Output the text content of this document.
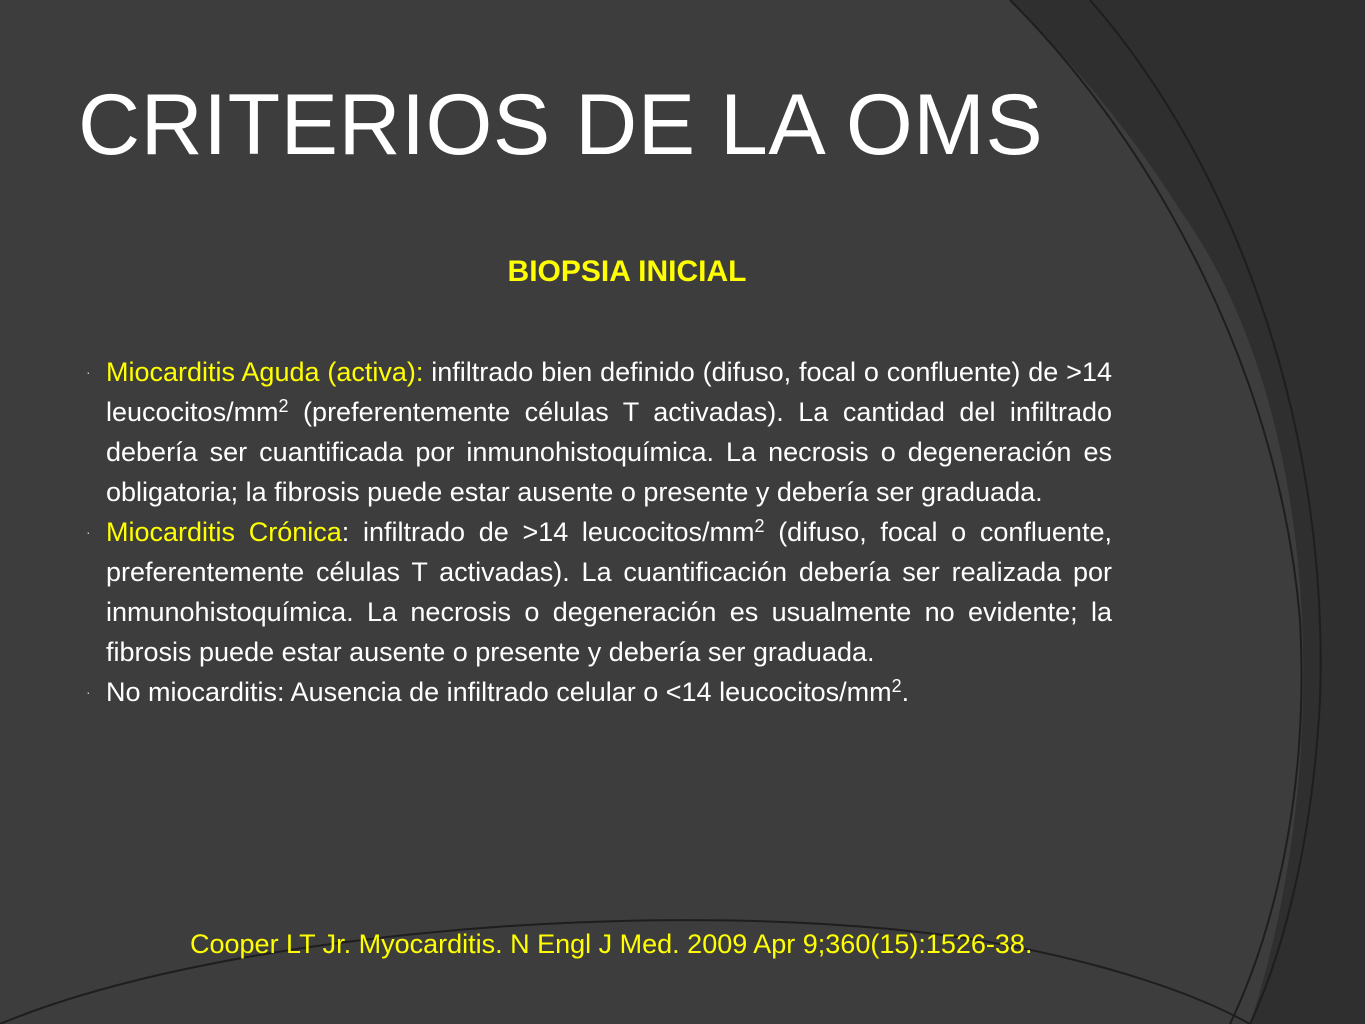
CRITERIOS DE LA OMS
BIOPSIA INICIAL
· Miocarditis Aguda (activa): infiltrado bien definido (difuso, focal o confluente) de >14 leucocitos/$mm^2$ (preferentemente células T activadas). La cantidad del infiltrado debería ser cuantificada por inmunohistoquímica. La necrosis o degeneración es obligatoria; la fibrosis puede estar ausente o presente y debería ser graduada.
· Miocarditis Crónica: infiltrado de >14 leucocitos/$mm^2$ (difuso, focal o confluente, preferentemente células T activadas). La cuantificación debería ser realizada por inmunohistoquímica. La necrosis o degeneración es usualmente no evidente; la fibrosis puede estar ausente o presente y debería ser graduada.
· No miocarditis: Ausencia de infiltrado celular o <14 leucocitos/$mm^2$.
Cooper LT Jr. Myocarditis. N Engl J Med. 2009 Apr 9;360(15):1526-38.
